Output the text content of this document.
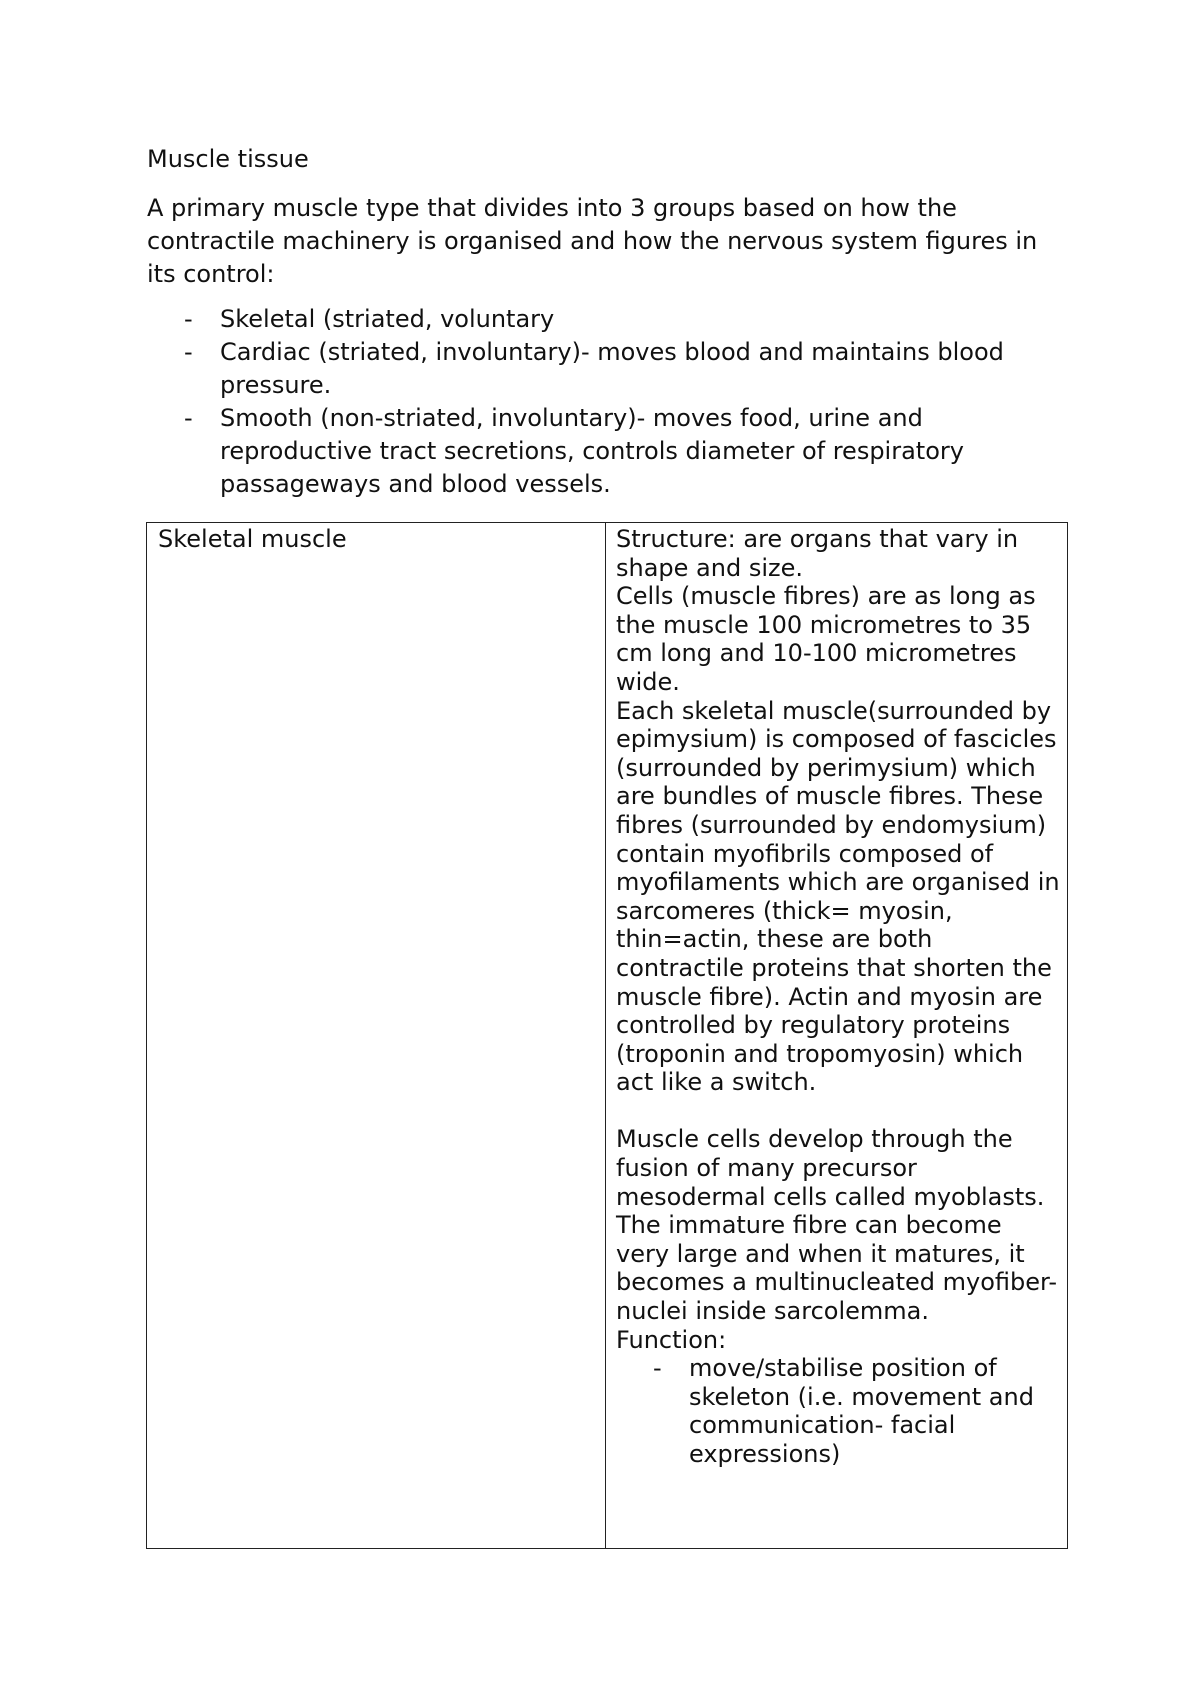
Muscle tissue

A primary muscle type that divides into 3 groups based on how the contractile machinery is organised and how the nervous system figures in its control:

- Skeletal (striated, voluntary
- Cardiac (striated, involuntary)- moves blood and maintains blood pressure.
- Smooth (non-striated, involuntary)- moves food, urine and reproductive tract secretions, controls diameter of respiratory passageways and blood vessels.
Skeletal muscle	Structure: are organs that vary in shape and size.

Cells (muscle fibres) are as long as the muscle 100 micrometres to 35 cm long and 10-100 micrometres wide.

Each skeletal muscle(surrounded by epimysium) is composed of fascicles (surrounded by perimysium) which are bundles of muscle fibres. These fibres (surrounded by endomysium) contain myofibrils composed of myofilaments which are organised in sarcomeres (thick= myosin, thin=actin, these are both contractile proteins that shorten the muscle fibre). Actin and myosin are controlled by regulatory proteins (troponin and tropomyosin) which act like a switch.

Muscle cells develop through the fusion of many precursor mesodermal cells called myoblasts. The immature fibre can become very large and when it matures, it becomes a multinucleated myofiber- nuclei inside sarcolemma.

Function:

- move/stabilise position of skeleton (i.e. movement and communication- facial expressions)
